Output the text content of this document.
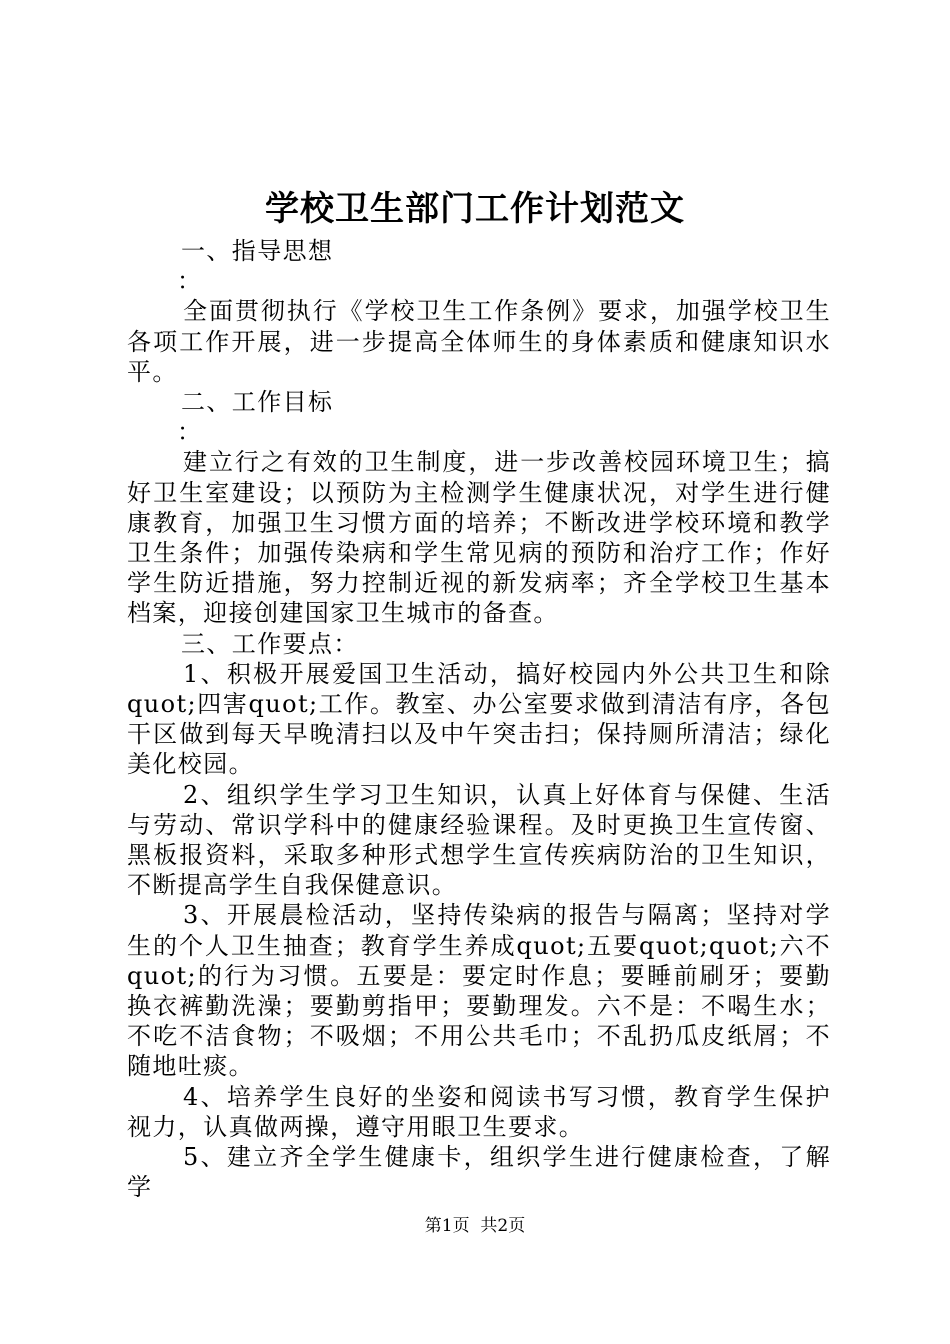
学校卫生部门工作计划范文

一、指导思想

：

全面贯彻执行《学校卫生工作条例》要求，加强学校卫生各项工作开展，进一步提高全体师生的身体素质和健康知识水平。

二、工作目标

：

建立行之有效的卫生制度，进一步改善校园环境卫生；搞好卫生室建设；以预防为主检测学生健康状况，对学生进行健康教育，加强卫生习惯方面的培养；不断改进学校环境和教学卫生条件；加强传染病和学生常见病的预防和治疗工作；作好学生防近措施，努力控制近视的新发病率；齐全学校卫生基本档案，迎接创建国家卫生城市的备查。

三、工作要点：

1、积极开展爱国卫生活动，搞好校园内外公共卫生和除quot;四害quot;工作。教室、办公室要求做到清洁有序，各包干区做到每天早晚清扫以及中午突击扫；保持厕所清洁；绿化美化校园。

2、组织学生学习卫生知识，认真上好体育与保健、生活与劳动、常识学科中的健康经验课程。及时更换卫生宣传窗、黑板报资料，采取多种形式想学生宣传疾病防治的卫生知识，不断提高学生自我保健意识。

3、开展晨检活动，坚持传染病的报告与隔离；坚持对学生的个人卫生抽查；教育学生养成quot;五要quot;quot;六不quot;的行为习惯。五要是：要定时作息；要睡前刷牙；要勤换衣裤勤洗澡；要勤剪指甲；要勤理发。六不是：不喝生水；不吃不洁食物；不吸烟；不用公共毛巾；不乱扔瓜皮纸屑；不随地吐痰。

4、培养学生良好的坐姿和阅读书写习惯，教育学生保护视力，认真做两操，遵守用眼卫生要求。

5、建立齐全学生健康卡，组织学生进行健康检查，了解学

第1页  共2页
